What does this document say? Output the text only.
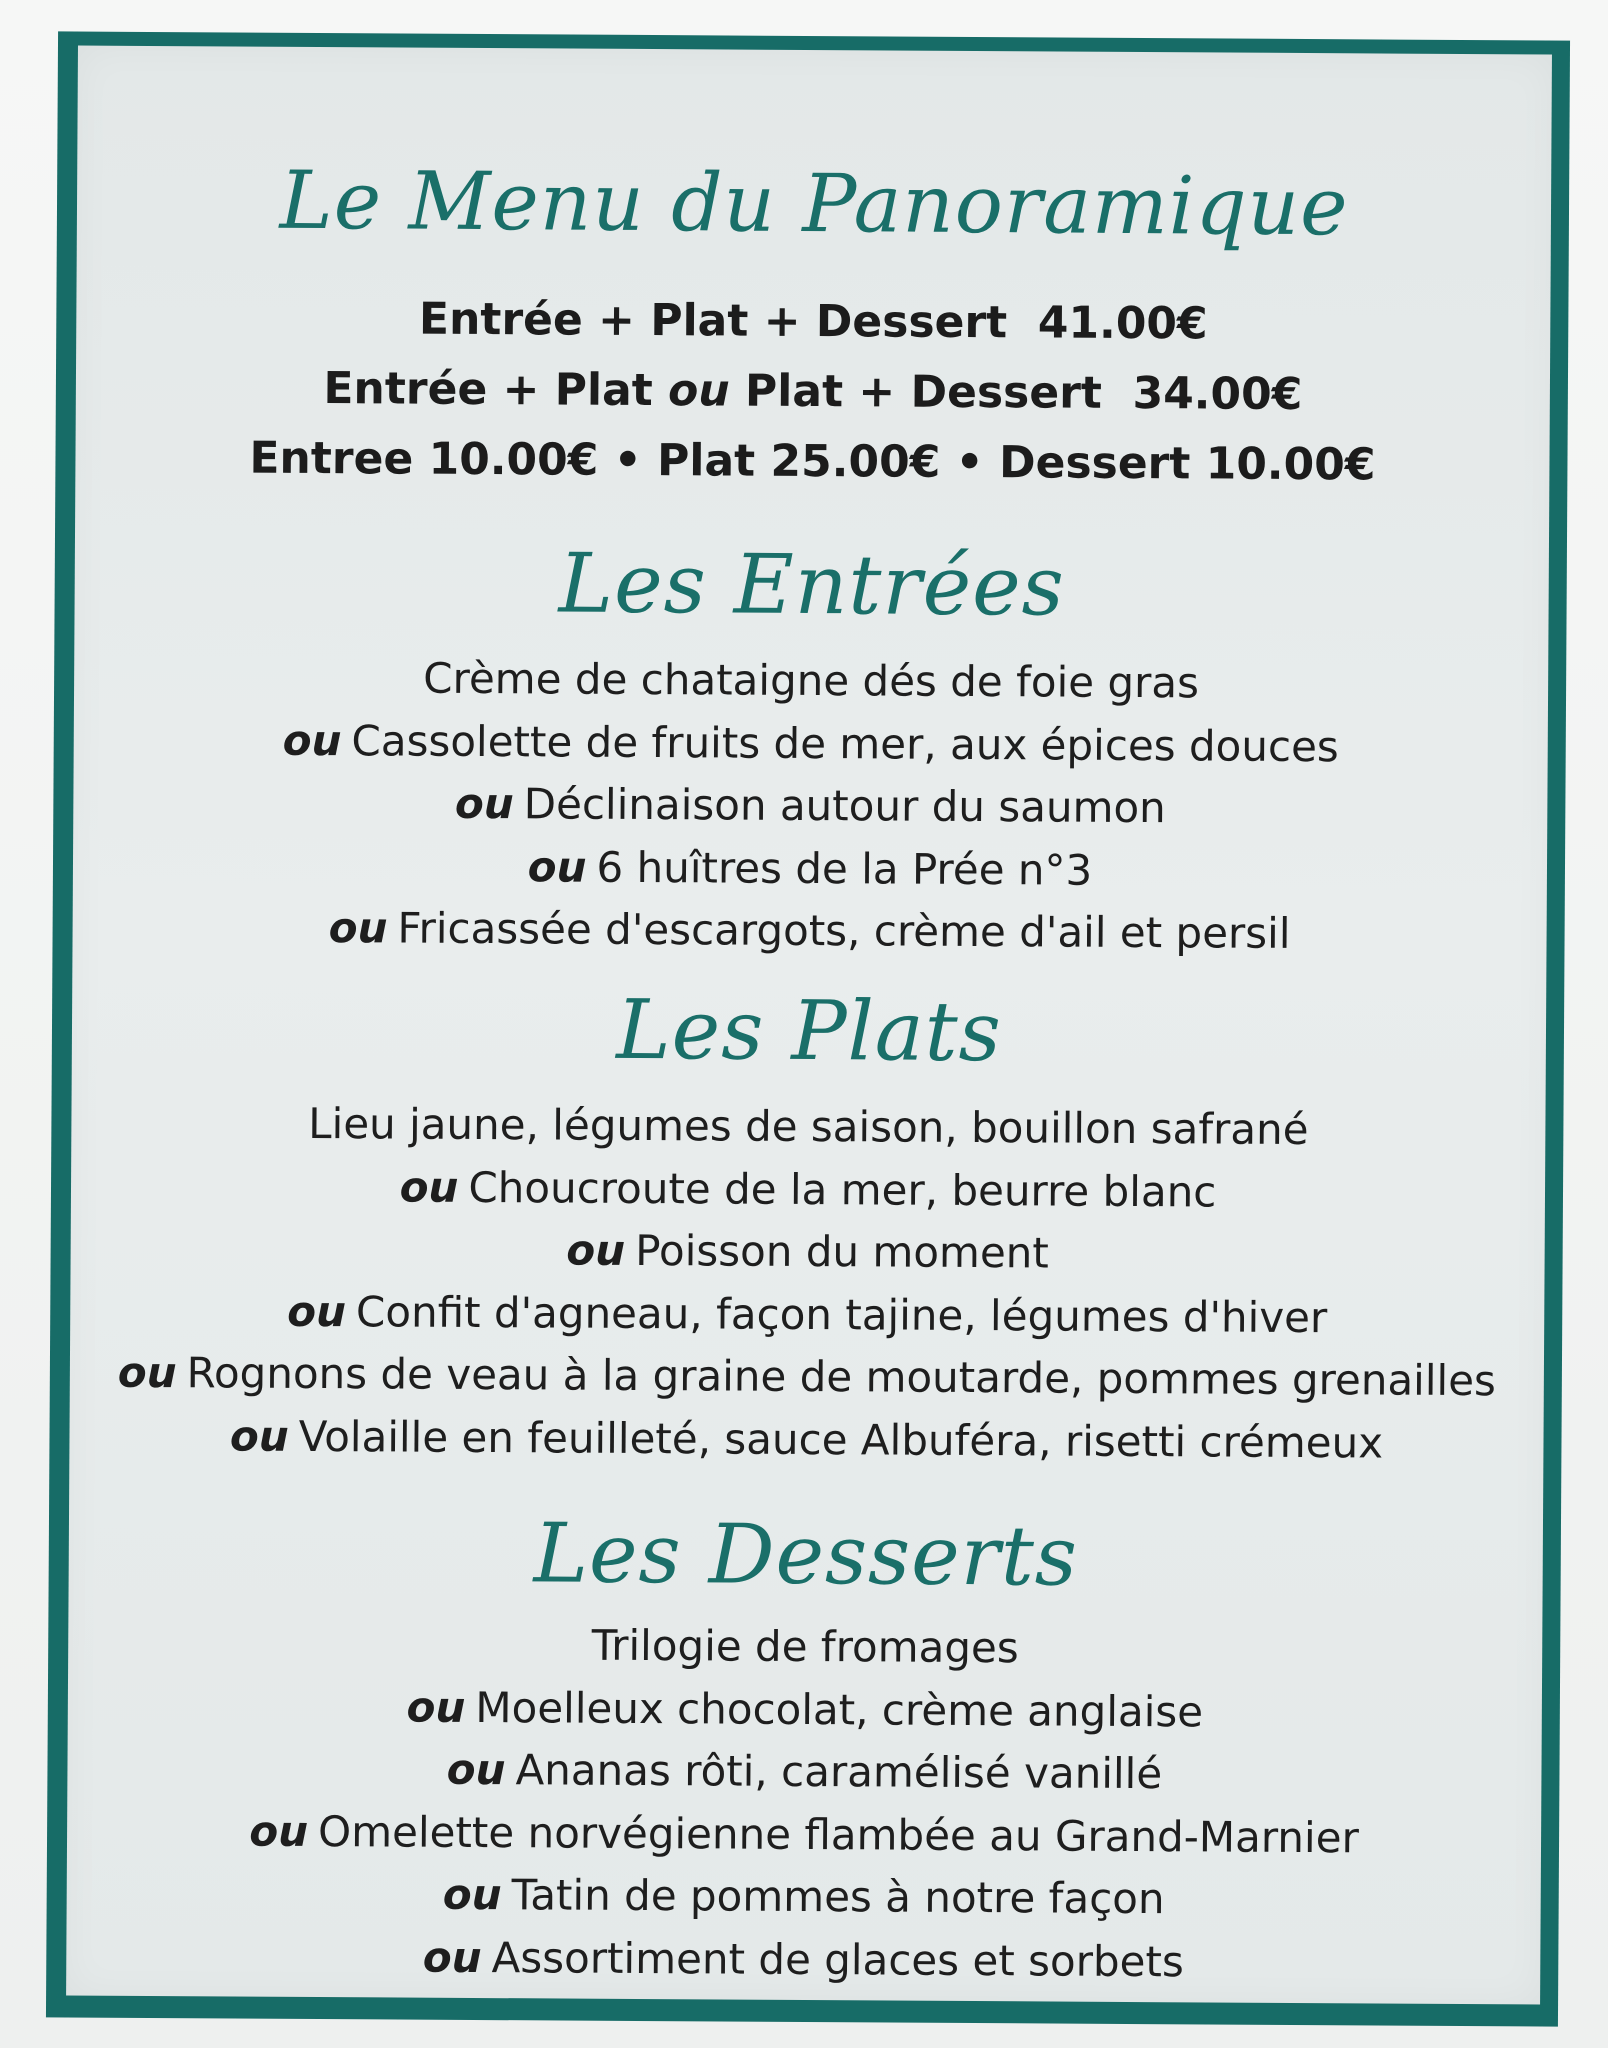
Le Menu du Panoramique
Entrée + Plat + Dessert 41.00€
Entrée + Plat ou Plat + Dessert 34.00€
Entree 10.00€ • Plat 25.00€ • Dessert 10.00€
Les Entrées
Crème de chataigne dés de foie gras
ou Cassolette de fruits de mer, aux épices douces
ou Déclinaison autour du saumon
ou 6 huîtres de la Prée n°3
ou Fricassée d'escargots, crème d'ail et persil
Les Plats
Lieu jaune, légumes de saison, bouillon safrané
ou Choucroute de la mer, beurre blanc
ou Poisson du moment
ou Confit d'agneau, façon tajine, légumes d'hiver
ou Rognons de veau à la graine de moutarde, pommes grenailles
ou Volaille en feuilleté, sauce Albuféra, risetti crémeux
Les Desserts
Trilogie de fromages
ou Moelleux chocolat, crème anglaise
ou Ananas rôti, caramélisé vanillé
ou Omelette norvégienne flambée au Grand-Marnier
ou Tatin de pommes à notre façon
ou Assortiment de glaces et sorbets
